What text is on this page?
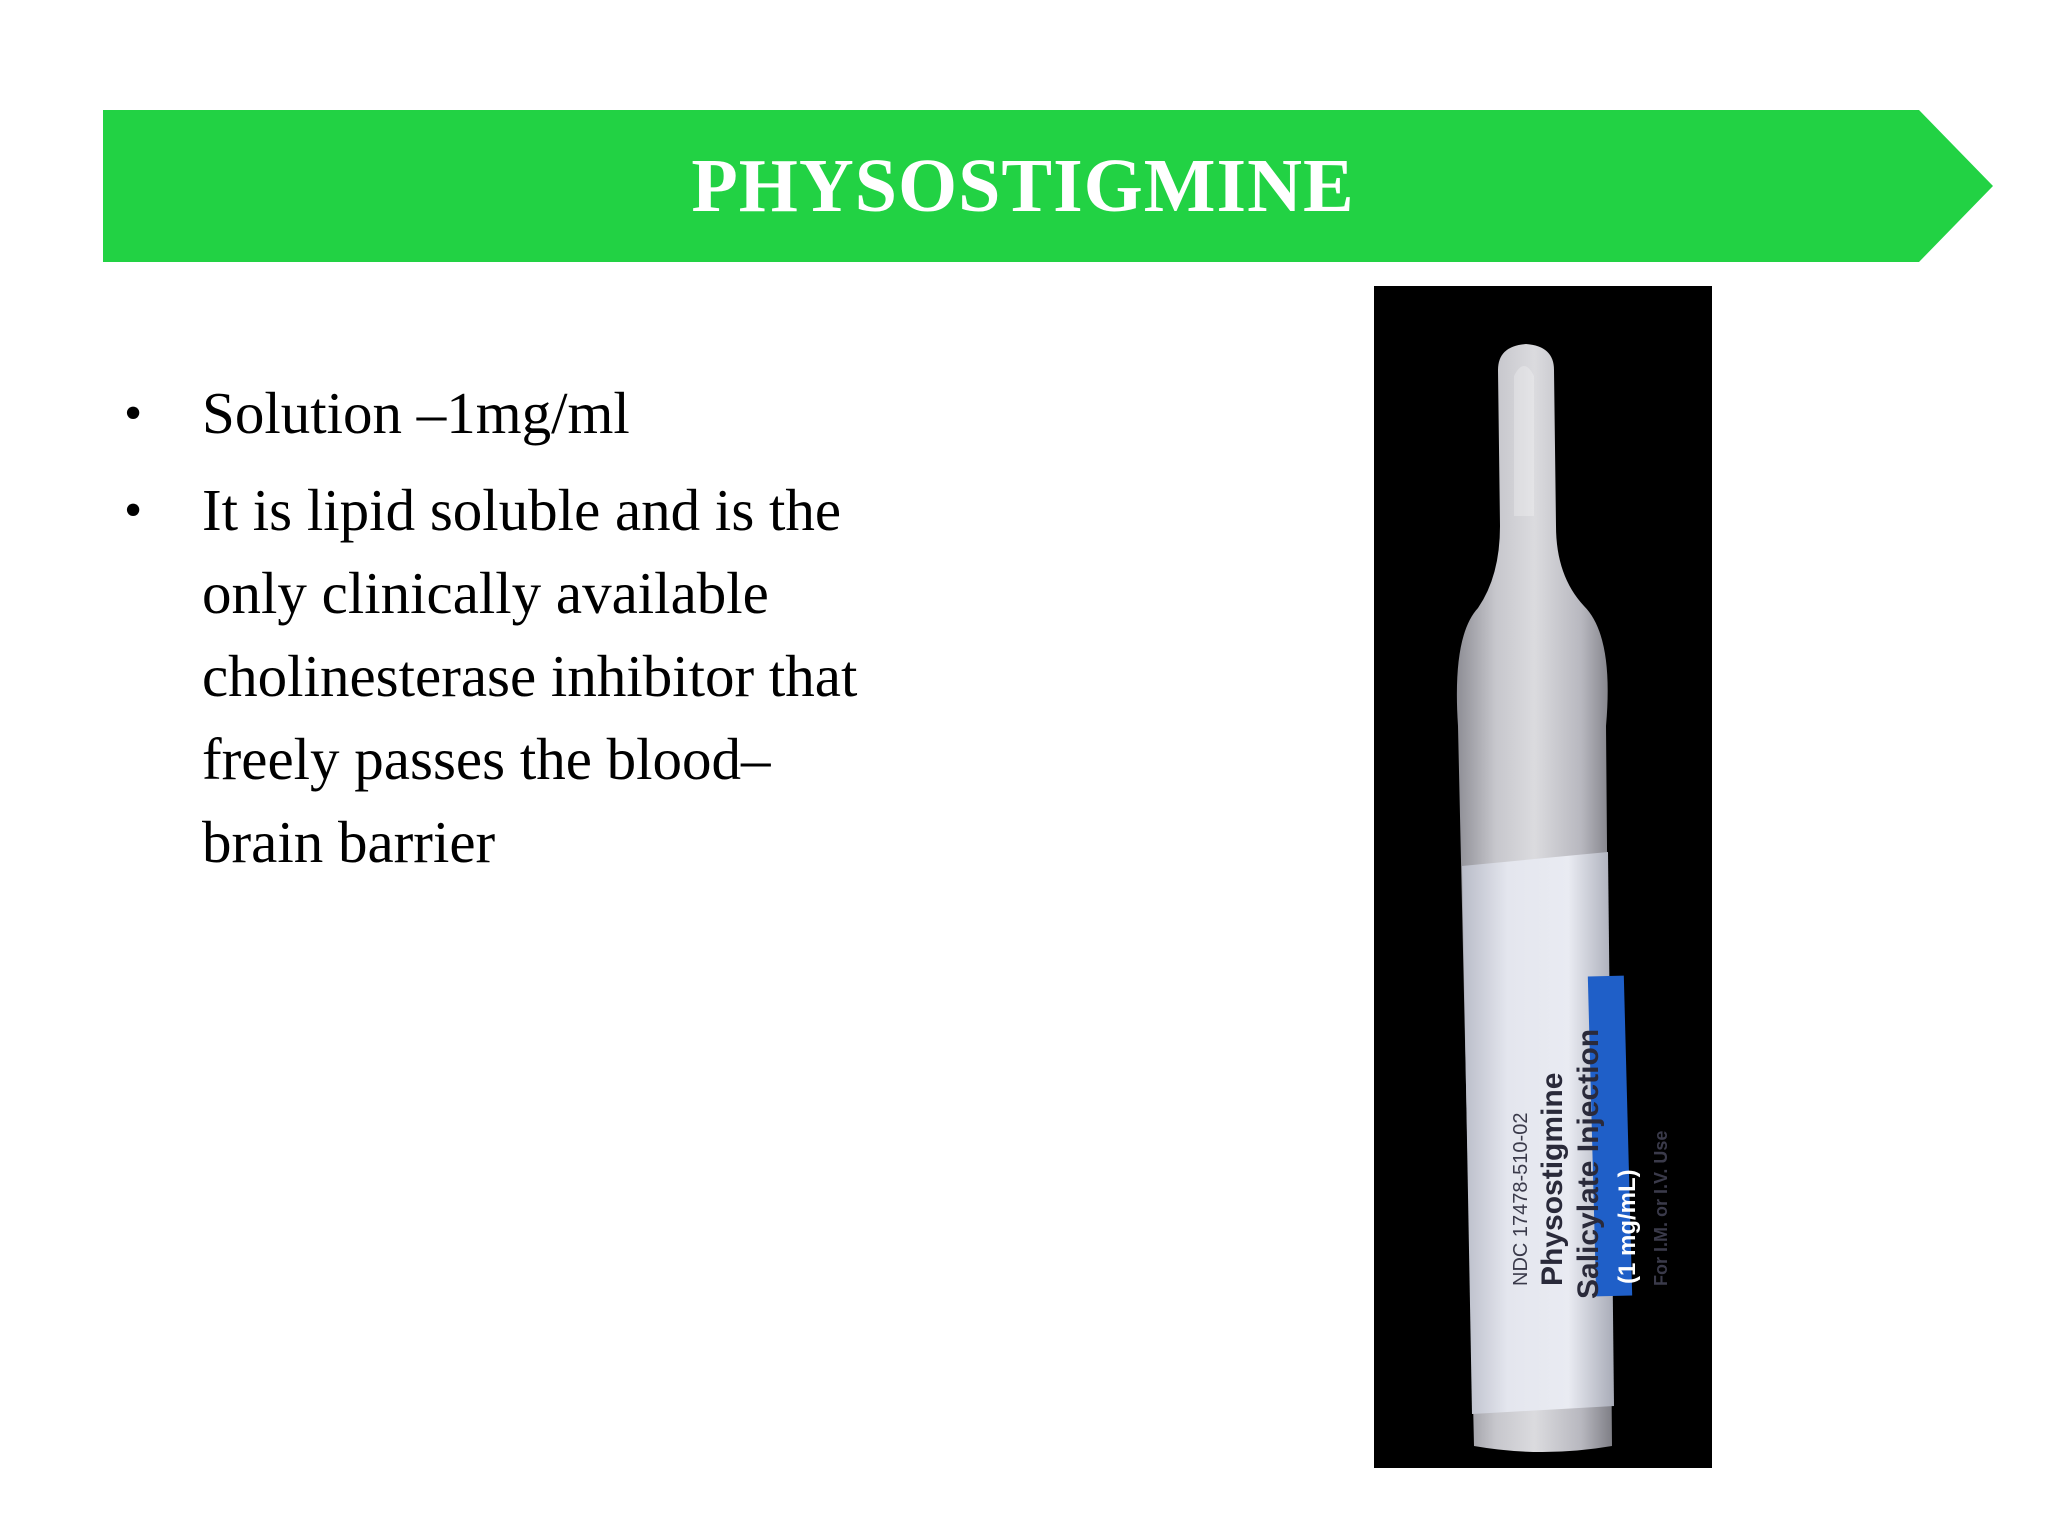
PHYSOSTIGMINE
• Solution –1mg/ml
• It is lipid soluble and is the
only clinically available
cholinesterase inhibitor that
freely passes the blood–
brain barrier
NDC 17478-510-02 Physostigmine Salicylate Injection (1 mg/mL) For I.M. or I.V. Use
